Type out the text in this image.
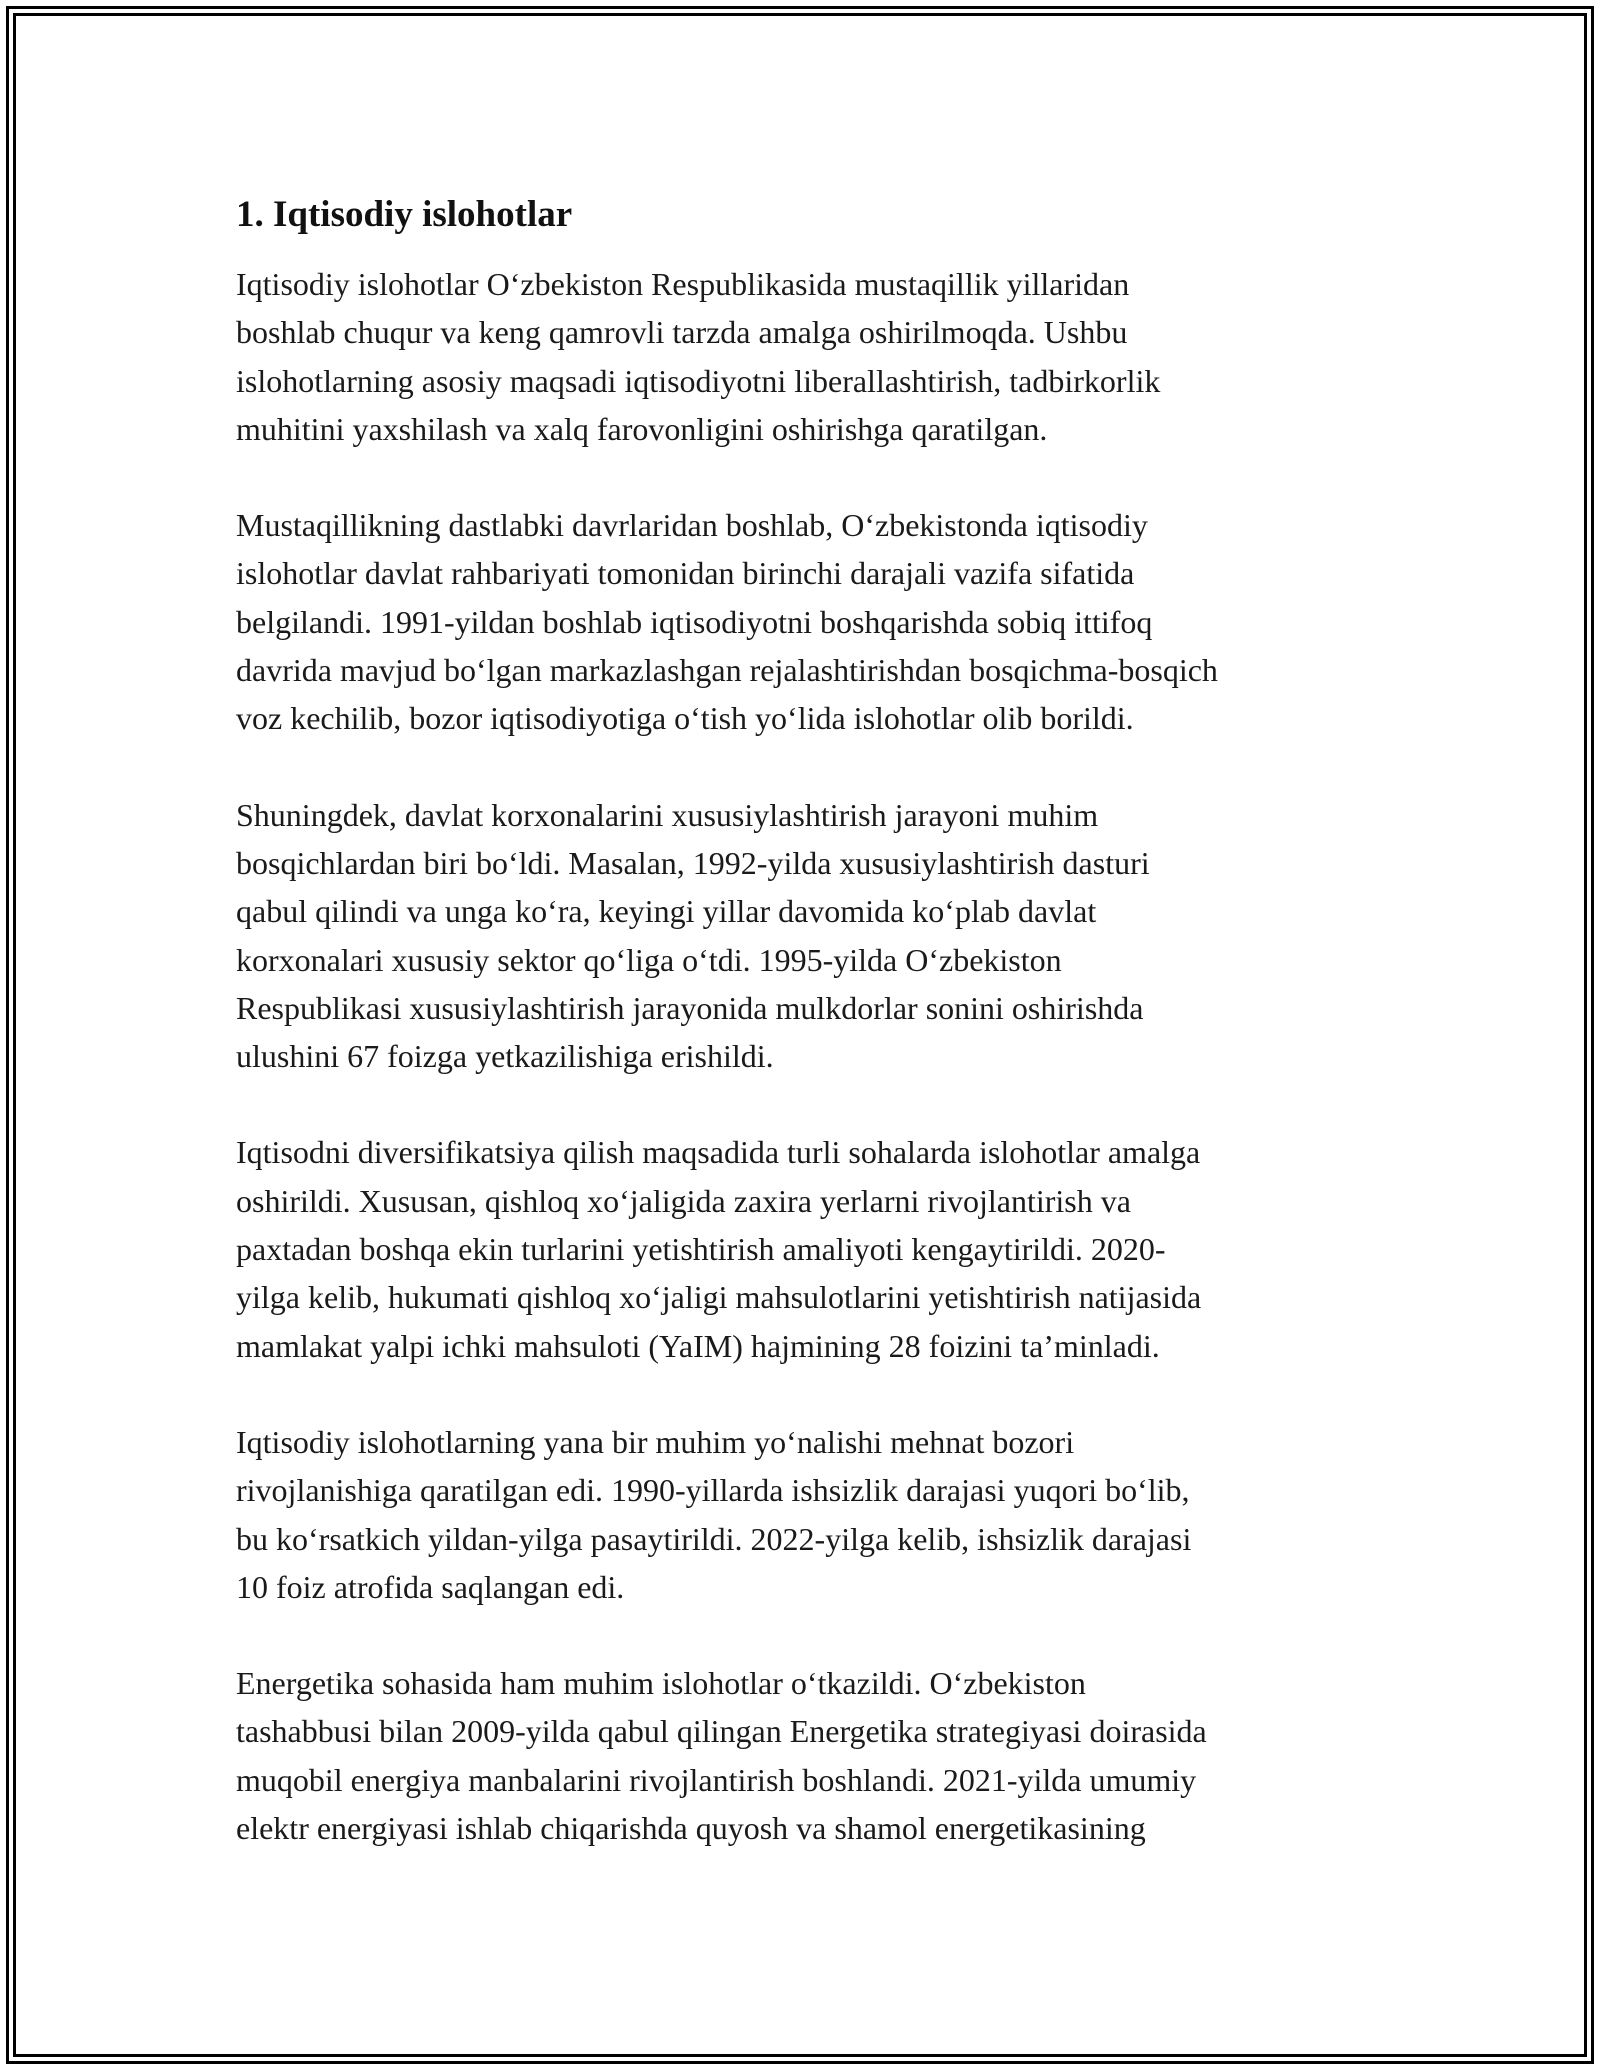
1. Iqtisodiy islohotlar

Iqtisodiy islohotlar O‘zbekiston Respublikasida mustaqillik yillaridan
boshlab chuqur va keng qamrovli tarzda amalga oshirilmoqda. Ushbu
islohotlarning asosiy maqsadi iqtisodiyotni liberallashtirish, tadbirkorlik
muhitini yaxshilash va xalq farovonligini oshirishga qaratilgan.

Mustaqillikning dastlabki davrlaridan boshlab, O‘zbekistonda iqtisodiy
islohotlar davlat rahbariyati tomonidan birinchi darajali vazifa sifatida
belgilandi. 1991-yildan boshlab iqtisodiyotni boshqarishda sobiq ittifoq
davrida mavjud bo‘lgan markazlashgan rejalashtirishdan bosqichma-bosqich
voz kechilib, bozor iqtisodiyotiga o‘tish yo‘lida islohotlar olib borildi.

Shuningdek, davlat korxonalarini xususiylashtirish jarayoni muhim
bosqichlardan biri bo‘ldi. Masalan, 1992-yilda xususiylashtirish dasturi
qabul qilindi va unga ko‘ra, keyingi yillar davomida ko‘plab davlat
korxonalari xususiy sektor qo‘liga o‘tdi. 1995-yilda O‘zbekiston
Respublikasi xususiylashtirish jarayonida mulkdorlar sonini oshirishda
ulushini 67 foizga yetkazilishiga erishildi.

Iqtisodni diversifikatsiya qilish maqsadida turli sohalarda islohotlar amalga
oshirildi. Xususan, qishloq xo‘jaligida zaxira yerlarni rivojlantirish va
paxtadan boshqa ekin turlarini yetishtirish amaliyoti kengaytirildi. 2020-
yilga kelib, hukumati qishloq xo‘jaligi mahsulotlarini yetishtirish natijasida
mamlakat yalpi ichki mahsuloti (YaIM) hajmining 28 foizini ta’minladi.

Iqtisodiy islohotlarning yana bir muhim yo‘nalishi mehnat bozori
rivojlanishiga qaratilgan edi. 1990-yillarda ishsizlik darajasi yuqori bo‘lib,
bu ko‘rsatkich yildan-yilga pasaytirildi. 2022-yilga kelib, ishsizlik darajasi
10 foiz atrofida saqlangan edi.

Energetika sohasida ham muhim islohotlar o‘tkazildi. O‘zbekiston
tashabbusi bilan 2009-yilda qabul qilingan Energetika strategiyasi doirasida
muqobil energiya manbalarini rivojlantirish boshlandi. 2021-yilda umumiy
elektr energiyasi ishlab chiqarishda quyosh va shamol energetikasining
